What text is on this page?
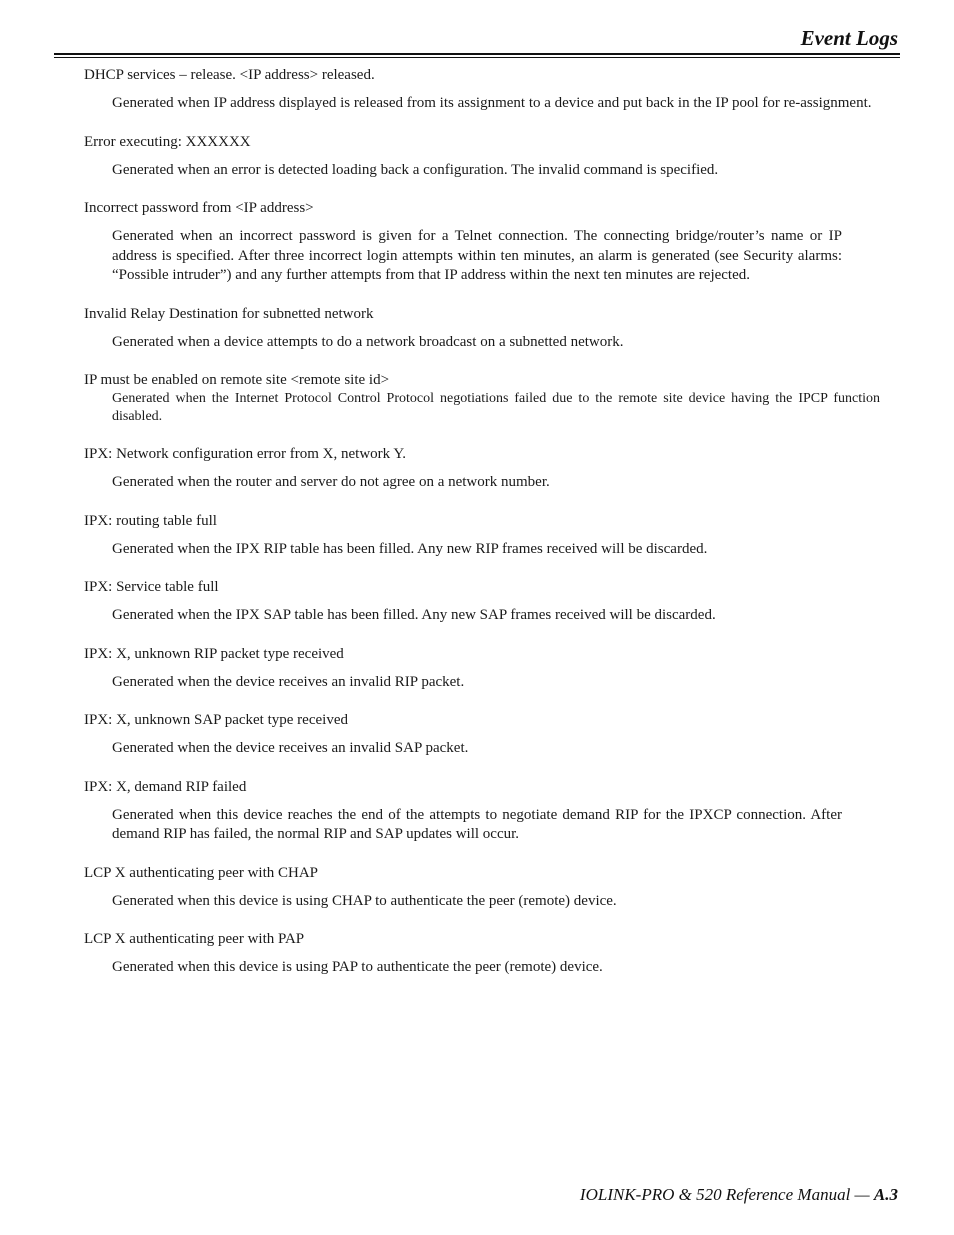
Event Logs
DHCP services – release. <IP address> released.
Generated when IP address displayed is released from its assignment to a device and put back in the IP pool for re-assignment.
Error executing: XXXXXX
Generated when an error is detected loading back a configuration. The invalid command is specified.
Incorrect password from <IP address>
Generated when an incorrect password is given for a Telnet connection. The connecting bridge/router’s name or IP address is specified. After three incorrect login attempts within ten minutes, an alarm is generated (see Security alarms: “Possible intruder”) and any further attempts from that IP address within the next ten minutes are rejected.
Invalid Relay Destination for subnetted network
Generated when a device attempts to do a network broadcast on a subnetted network.
IP must be enabled on remote site <remote site id>
Generated when the Internet Protocol Control Protocol negotiations failed due to the remote site device having the IPCP function disabled.
IPX: Network configuration error from X, network Y.
Generated when the router and server do not agree on a network number.
IPX: routing table full
Generated when the IPX RIP table has been filled. Any new RIP frames received will be discarded.
IPX: Service table full
Generated when the IPX SAP table has been filled. Any new SAP frames received will be discarded.
IPX: X, unknown RIP packet type received
Generated when the device receives an invalid RIP packet.
IPX: X, unknown SAP packet type received
Generated when the device receives an invalid SAP packet.
IPX: X, demand RIP failed
Generated when this device reaches the end of the attempts to negotiate demand RIP for the IPXCP connection. After demand RIP has failed, the normal RIP and SAP updates will occur.
LCP X authenticating peer with CHAP
Generated when this device is using CHAP to authenticate the peer (remote) device.
LCP X authenticating peer with PAP
Generated when this device is using PAP to authenticate the peer (remote) device.
IOLINK-PRO & 520 Reference Manual — A.3
